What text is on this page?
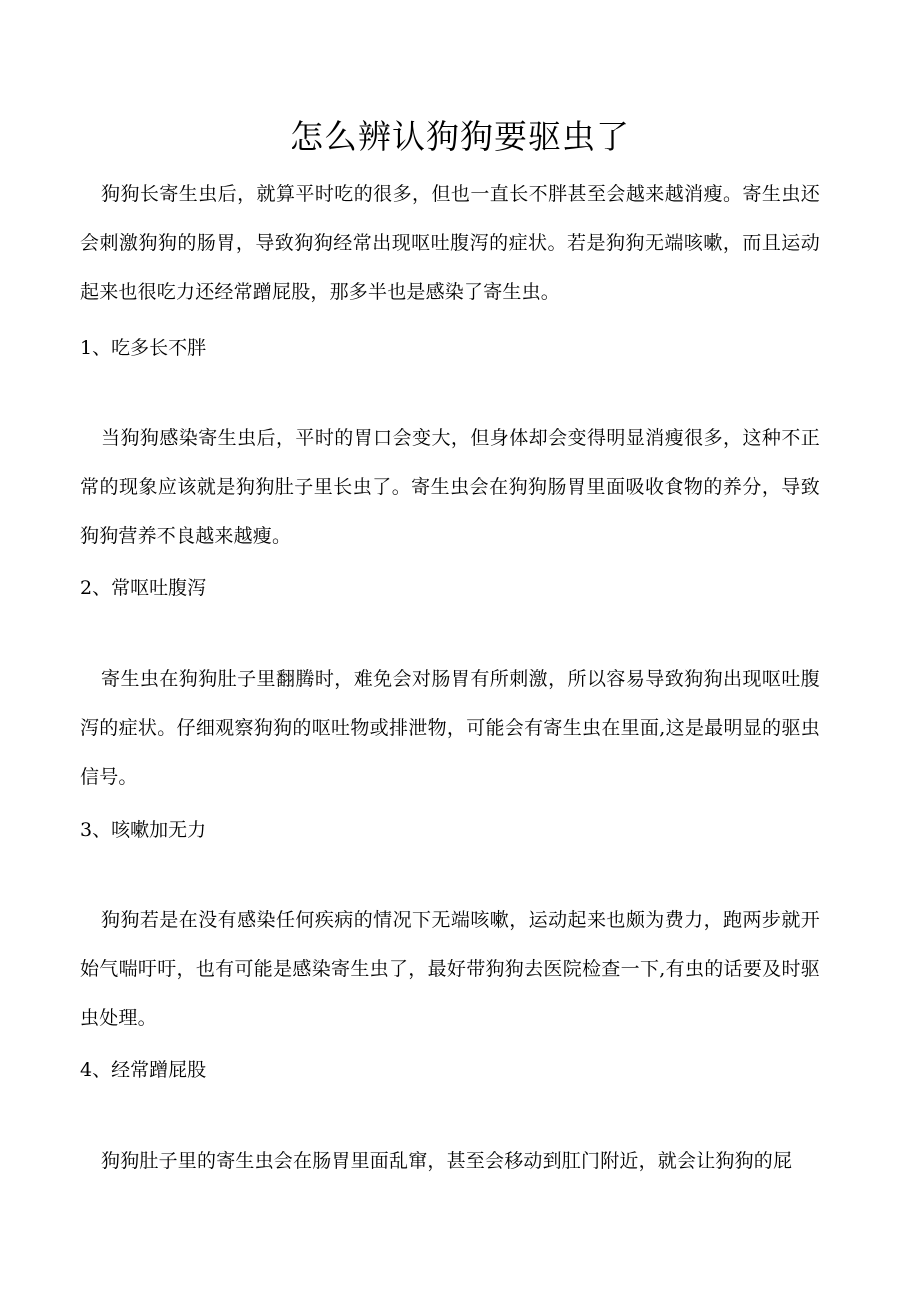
怎么辨认狗狗要驱虫了

狗狗长寄生虫后，就算平时吃的很多，但也一直长不胖甚至会越来越消瘦。寄生虫还会刺激狗狗的肠胃，导致狗狗经常出现呕吐腹泻的症状。若是狗狗无端咳嗽，而且运动起来也很吃力还经常蹭屁股，那多半也是感染了寄生虫。

1、吃多长不胖

当狗狗感染寄生虫后，平时的胃口会变大，但身体却会变得明显消瘦很多，这种不正常的现象应该就是狗狗肚子里长虫了。寄生虫会在狗狗肠胃里面吸收食物的养分，导致狗狗营养不良越来越瘦。

2、常呕吐腹泻

寄生虫在狗狗肚子里翻腾时，难免会对肠胃有所刺激，所以容易导致狗狗出现呕吐腹泻的症状。仔细观察狗狗的呕吐物或排泄物，可能会有寄生虫在里面,这是最明显的驱虫信号。

3、咳嗽加无力

狗狗若是在没有感染任何疾病的情况下无端咳嗽，运动起来也颇为费力，跑两步就开始气喘吁吁，也有可能是感染寄生虫了，最好带狗狗去医院检查一下,有虫的话要及时驱虫处理。

4、经常蹭屁股

狗狗肚子里的寄生虫会在肠胃里面乱窜，甚至会移动到肛门附近，就会让狗狗的屁
